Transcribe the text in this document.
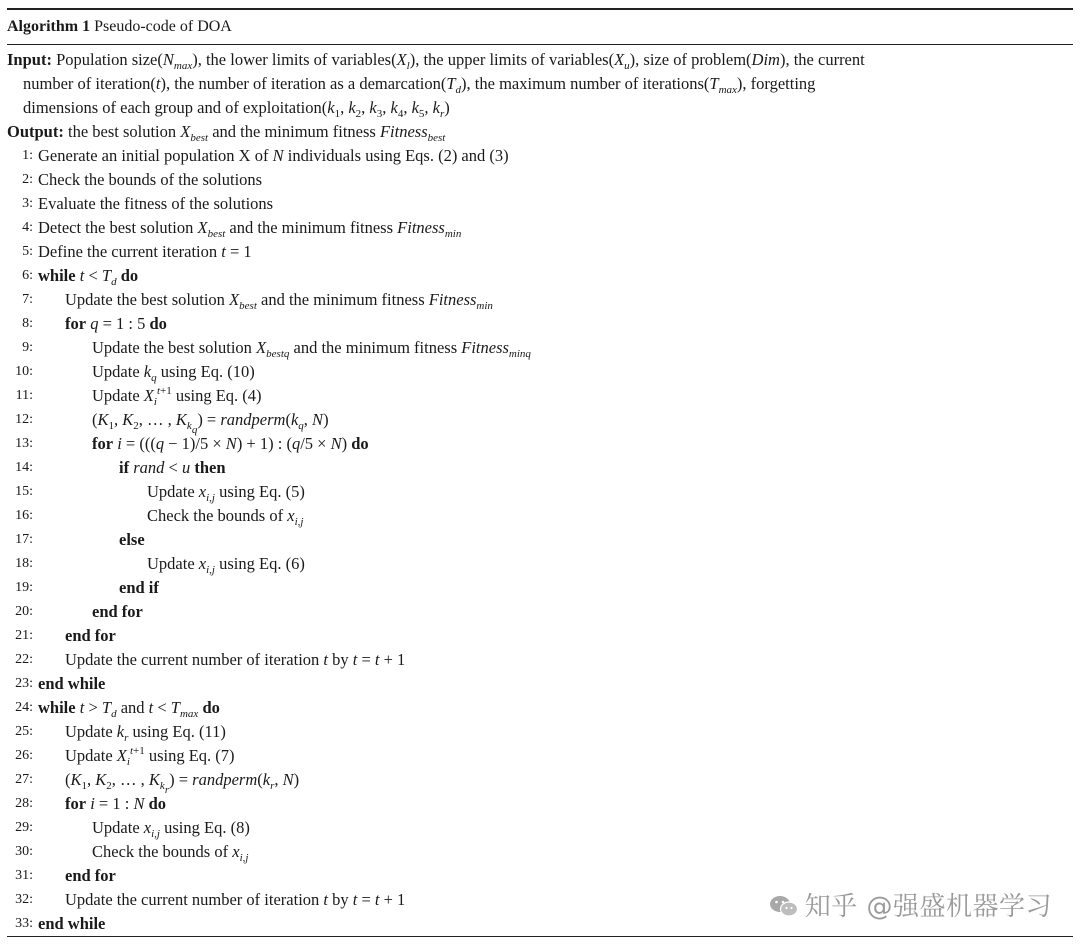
Algorithm 1 Pseudo-code of DOA
Input: Population $size(N_{max})$, the lower limits of $variables(X_l)$, the upper limits of $variables(X_u)$, size of problem(Dim), the current
number of iteration(t), the number of iteration as a $demarcation(T_d)$, the maximum number of $iterations(T_{max})$, forgetting
dimensions of each group and of $exploitation(k_1$, $k_2$, $k_3$, $k_4$, $k_5$, $k_r$)
Output: the best solution $X_{best}$ and the minimum fitness Fitness$_{best}$
1: Generate an initial population X of N individuals using Eqs. (2) and (3)
2: Check the bounds of the solutions
3: Evaluate the fitness of the solutions
4: Detect the best solution $X_{best}$ and the minimum fitness Fitness$_{min}$
5: Define the current iteration t = 1
6: while $t < T_d$ do
7: Update the best solution $X_{best}$ and the minimum fitness Fitness$_{min}$
8: for q = 1 : 5 do
9:	Update the best solution $X_{bestq}$ and the minimum fitness Fitness$_{minq}$
10:	Update $k_q$ using Eq. (10)
11:	Update $X_i^{t+1}$ using Eq. (4)
12:	($K_1$, $K_2$, … , $K_{k_q}$) = $randperm(k_q$, N)
13:	for i = (((q − 1)/5 × N) + 1) : (q/5 × N) do
14:	if rand < u then
15:	Update $x_{i,j}$ using Eq. (5)
16:	Check the bounds of $x_{i,j}$
17:	else
18:	Update $x_{i,j}$ using Eq. (6)
19:	end if
20:	end for
21: end for
22: Update the current number of iteration t by t = t + 1
23: end while
24: while $t > T_d$ and $t < T_{max}$ do
25: Update $k_r$ using Eq. (11)
26: Update $X_i^{t+1}$ using Eq. (7)
27: ($K_1$, $K_2$, … , $K_{k_r}$) = $randperm(k_r$, N)
28: for i = 1 : N do
29:	Update $x_{i,j}$ using Eq. (8)
30:	Check the bounds of $x_{i,j}$
31: end for
32: Update the current number of iteration t by t = t + 1
33: end while
知乎 @强盛机器学习
